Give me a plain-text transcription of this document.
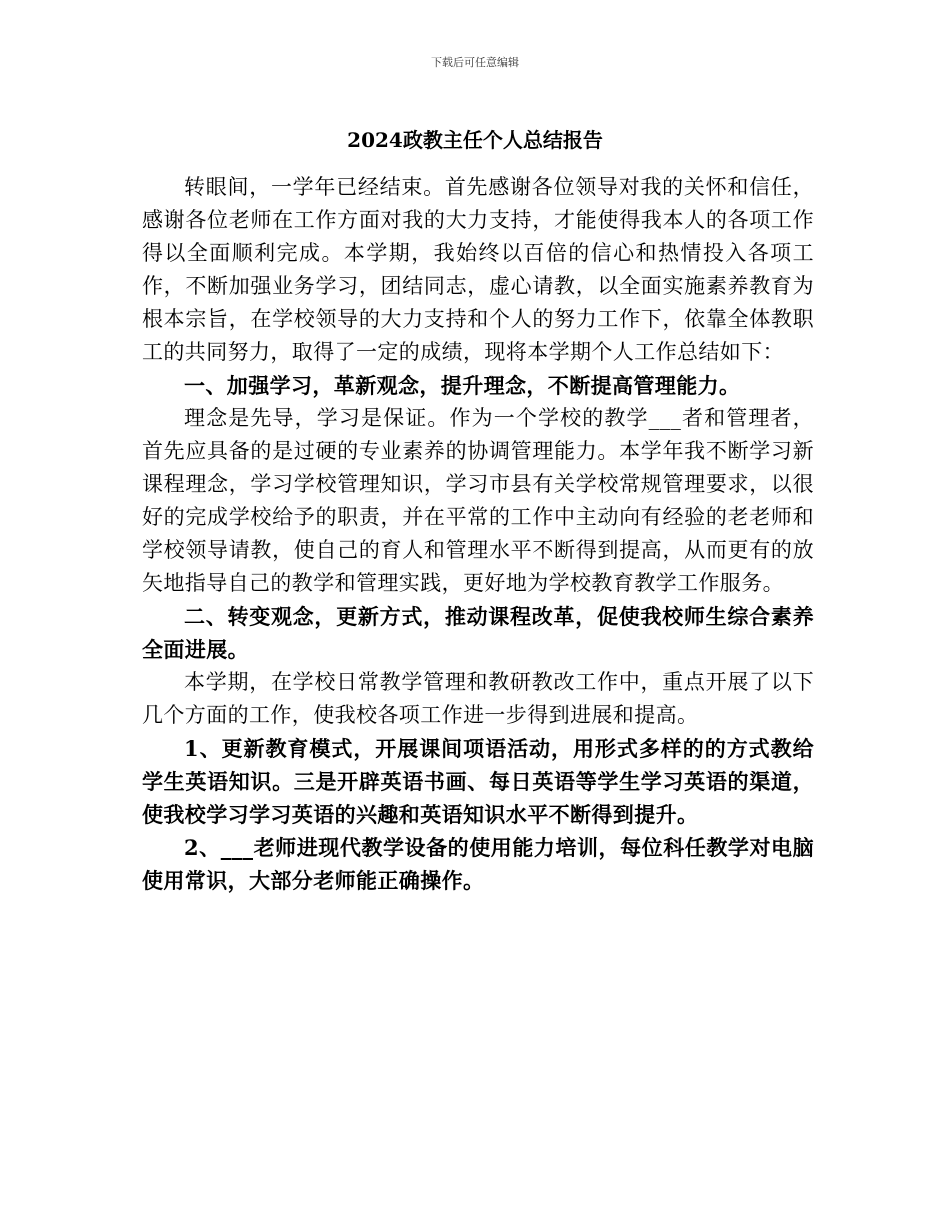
下载后可任意编辑
2024政教主任个人总结报告

转眼间，一学年已经结束。首先感谢各位领导对我的关怀和信任，感谢各位老师在工作方面对我的大力支持，才能使得我本人的各项工作得以全面顺利完成。本学期，我始终以百倍的信心和热情投入各项工作，不断加强业务学习，团结同志，虚心请教，以全面实施素养教育为根本宗旨，在学校领导的大力支持和个人的努力工作下，依靠全体教职工的共同努力，取得了一定的成绩，现将本学期个人工作总结如下：

一、加强学习，革新观念，提升理念，不断提高管理能力。

理念是先导，学习是保证。作为一个学校的教学___者和管理者，首先应具备的是过硬的专业素养的协调管理能力。本学年我不断学习新课程理念，学习学校管理知识，学习市县有关学校常规管理要求，以很好的完成学校给予的职责，并在平常的工作中主动向有经验的老老师和学校领导请教，使自己的育人和管理水平不断得到提高，从而更有的放矢地指导自己的教学和管理实践，更好地为学校教育教学工作服务。

二、转变观念，更新方式，推动课程改革，促使我校师生综合素养全面进展。

本学期，在学校日常教学管理和教研教改工作中，重点开展了以下几个方面的工作，使我校各项工作进一步得到进展和提高。

1、更新教育模式，开展课间项语活动，用形式多样的的方式教给学生英语知识。三是开辟英语书画、每日英语等学生学习英语的渠道，使我校学习学习英语的兴趣和英语知识水平不断得到提升。

2、___老师进现代教学设备的使用能力培训，每位科任教学对电脑使用常识，大部分老师能正确操作。
